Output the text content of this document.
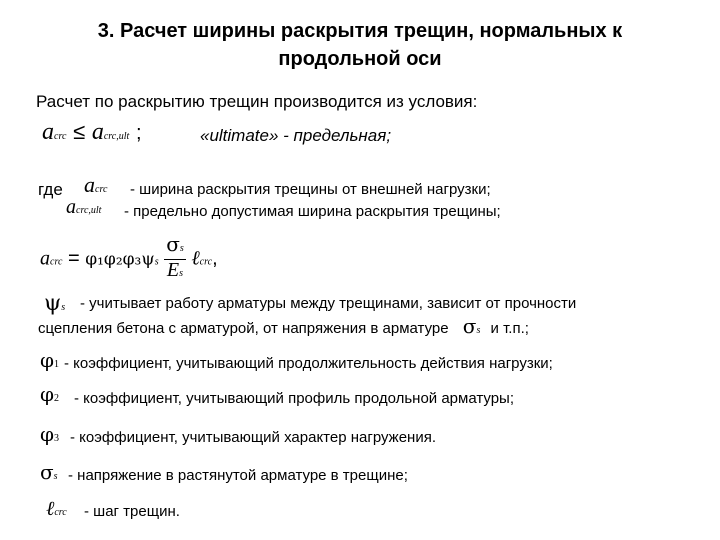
3. Расчет ширины раскрытия трещин, нормальных к
продольной оси
Расчет по раскрытию трещин производится из условия:
acrc ≤ acrc,ult ;	«ultimate» - предельная;
где acrc - ширина раскрытия трещины от внешней нагрузки;
acrc,ult - предельно допустимая ширина раскрытия трещины;
acrc = $\varphi_1\varphi_2\varphi_3\psi s \frac{\sigma s}{Es}$ ℓcrc,
ψs - учитывает работу арматуры между трещинами, зависит от прочности
сцепления бетона с арматурой, от напряжения в арматуре σs и т.п.;
φ1 - коэффициент, учитывающий продолжительность действия нагрузки;
φ2 - коэффициент, учитывающий профиль продольной арматуры;
φ3 - коэффициент, учитывающий характер нагружения.
σs - напряжение в растянутой арматуре в трещине;
ℓcrc - шаг трещин.
